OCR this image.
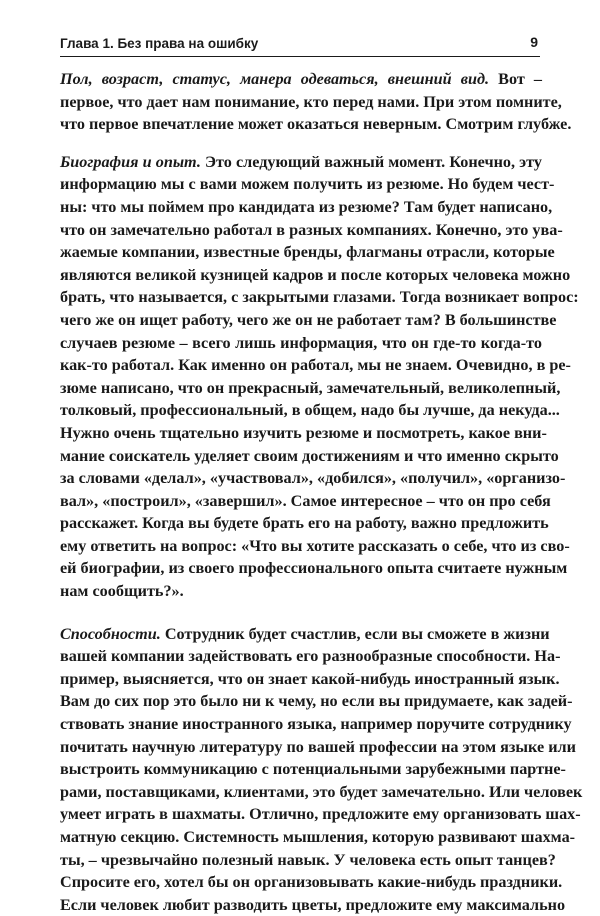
Глава 1. Без права на ошибку	9
Пол, возраст, статус, манера одеваться, внешний вид. Вот –
первое, что дает нам понимание, кто перед нами. При этом помните,
что первое впечатление может оказаться неверным. Смотрим глубже.
Биография и опыт. Это следующий важный момент. Конечно, эту
информацию мы с вами можем получить из резюме. Но будем чест-
ны: что мы поймем про кандидата из резюме? Там будет написано,
что он замечательно работал в разных компаниях. Конечно, это ува-
жаемые компании, известные бренды, флагманы отрасли, которые
являются великой кузницей кадров и после которых человека можно
брать, что называется, с закрытыми глазами. Тогда возникает вопрос:
чего же он ищет работу, чего же он не работает там? В большинстве
случаев резюме – всего лишь информация, что он где-то когда-то
как-то работал. Как именно он работал, мы не знаем. Очевидно, в ре-
зюме написано, что он прекрасный, замечательный, великолепный,
толковый, профессиональный, в общем, надо бы лучше, да некуда...
Нужно очень тщательно изучить резюме и посмотреть, какое вни-
мание соискатель уделяет своим достижениям и что именно скрыто
за словами «делал», «участвовал», «добился», «получил», «организо-
вал», «построил», «завершил». Самое интересное – что он про себя
расскажет. Когда вы будете брать его на работу, важно предложить
ему ответить на вопрос: «Что вы хотите рассказать о себе, что из сво-
ей биографии, из своего профессионального опыта считаете нужным
нам сообщить?».
Способности. Сотрудник будет счастлив, если вы сможете в жизни
вашей компании задействовать его разнообразные способности. На-
пример, выясняется, что он знает какой-нибудь иностранный язык.
Вам до сих пор это было ни к чему, но если вы придумаете, как задей-
ствовать знание иностранного языка, например поручите сотруднику
почитать научную литературу по вашей профессии на этом языке или
выстроить коммуникацию с потенциальными зарубежными партне-
рами, поставщиками, клиентами, это будет замечательно. Или человек
умеет играть в шахматы. Отлично, предложите ему организовать шах-
матную секцию. Системность мышления, которую развивают шахма-
ты, – чрезвычайно полезный навык. У человека есть опыт танцев?
Спросите его, хотел бы он организовывать какие-нибудь праздники.
Если человек любит разводить цветы, предложите ему максимально
